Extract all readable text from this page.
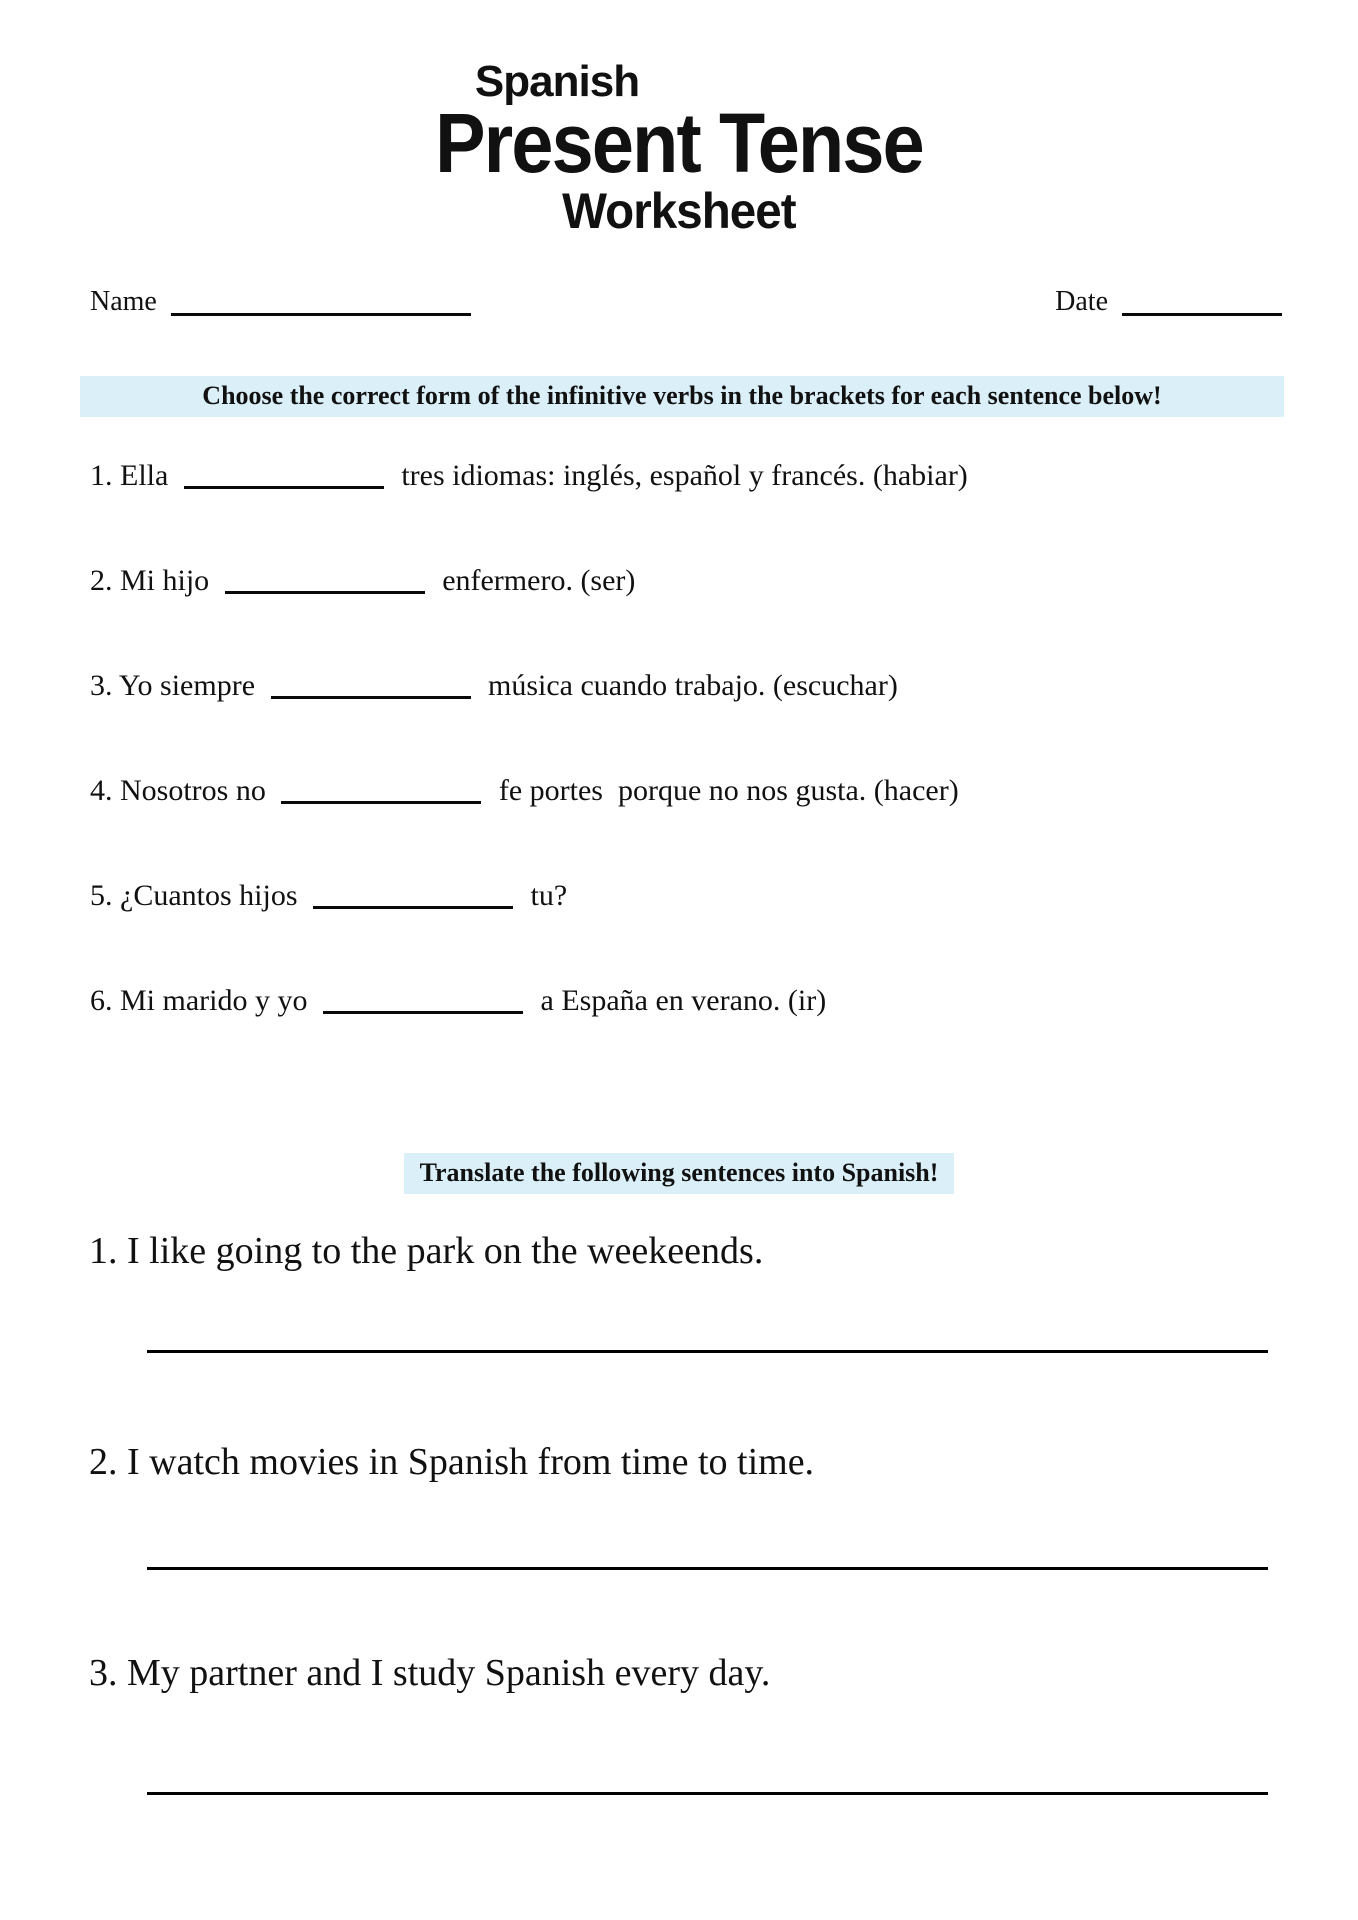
Spanish
Present Tense
Worksheet
Name	Date
Choose the correct form of the infinitive verbs in the brackets for each sentence below!
1. Ella	tres idiomas: inglés, español y francés. (habiar)
2. Mi hijo	enfermero. (ser)
3. Yo siempre	música cuando trabajo. (escuchar)
4. Nosotros no	fe portes  porque no nos gusta. (hacer)
5. ¿Cuantos hijos	tu?
6. Mi marido y yo	a España en verano. (ir)
Translate the following sentences into Spanish!
1. I like going to the park on the weekeends.
2. I watch movies in Spanish from time to time.
3. My partner and I study Spanish every day.
